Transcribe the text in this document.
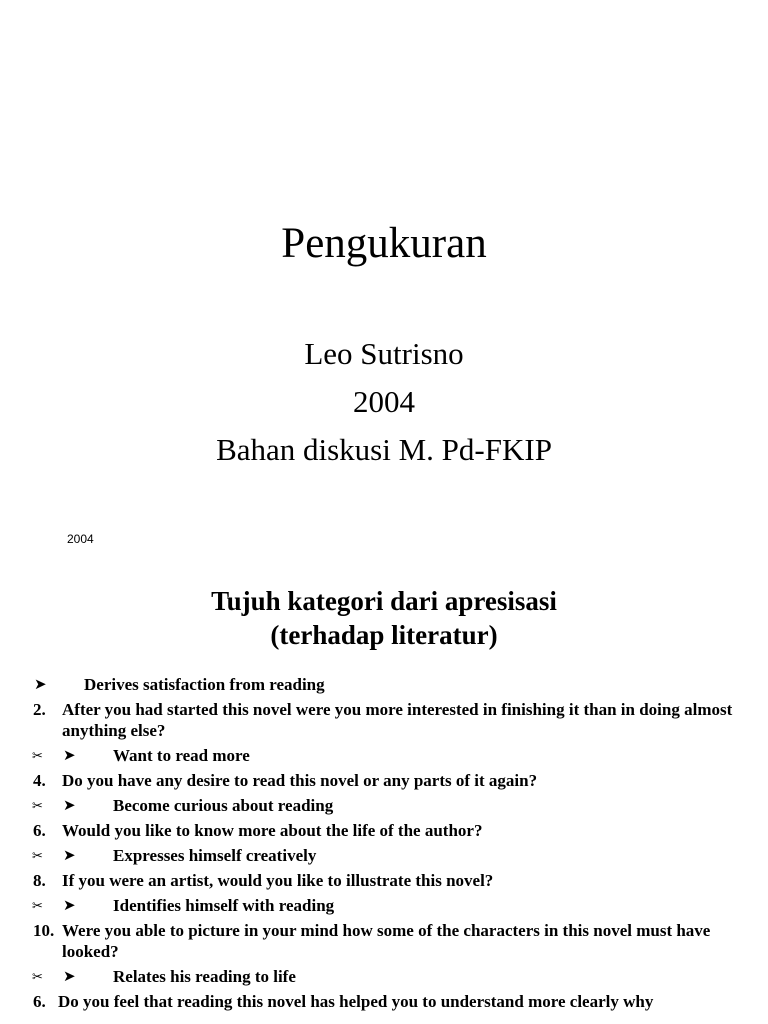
Pengukuran
Leo Sutrisno
2004
Bahan diskusi M. Pd-FKIP
2004
Tujuh kategori dari apresisasi
(terhadap literatur)
➤	Derives satisfaction from reading
2. After you had started this novel were you more interested in finishing it than in doing almost anything else?
✂ ➤	Want to read more
4. Do you have any desire to read this novel or any parts of it again?
✂ ➤	Become curious about reading
6. Would you like to know more about the life of the author?
✂ ➤	Expresses himself creatively
8. If you were an artist, would you like to illustrate this novel?
✂ ➤	Identifies himself with reading
10. Were you able to picture in your mind how some of the characters in this novel must have looked?
✂ ➤	Relates his reading to life
6. Do you feel that reading this novel has helped you to understand more clearly why
